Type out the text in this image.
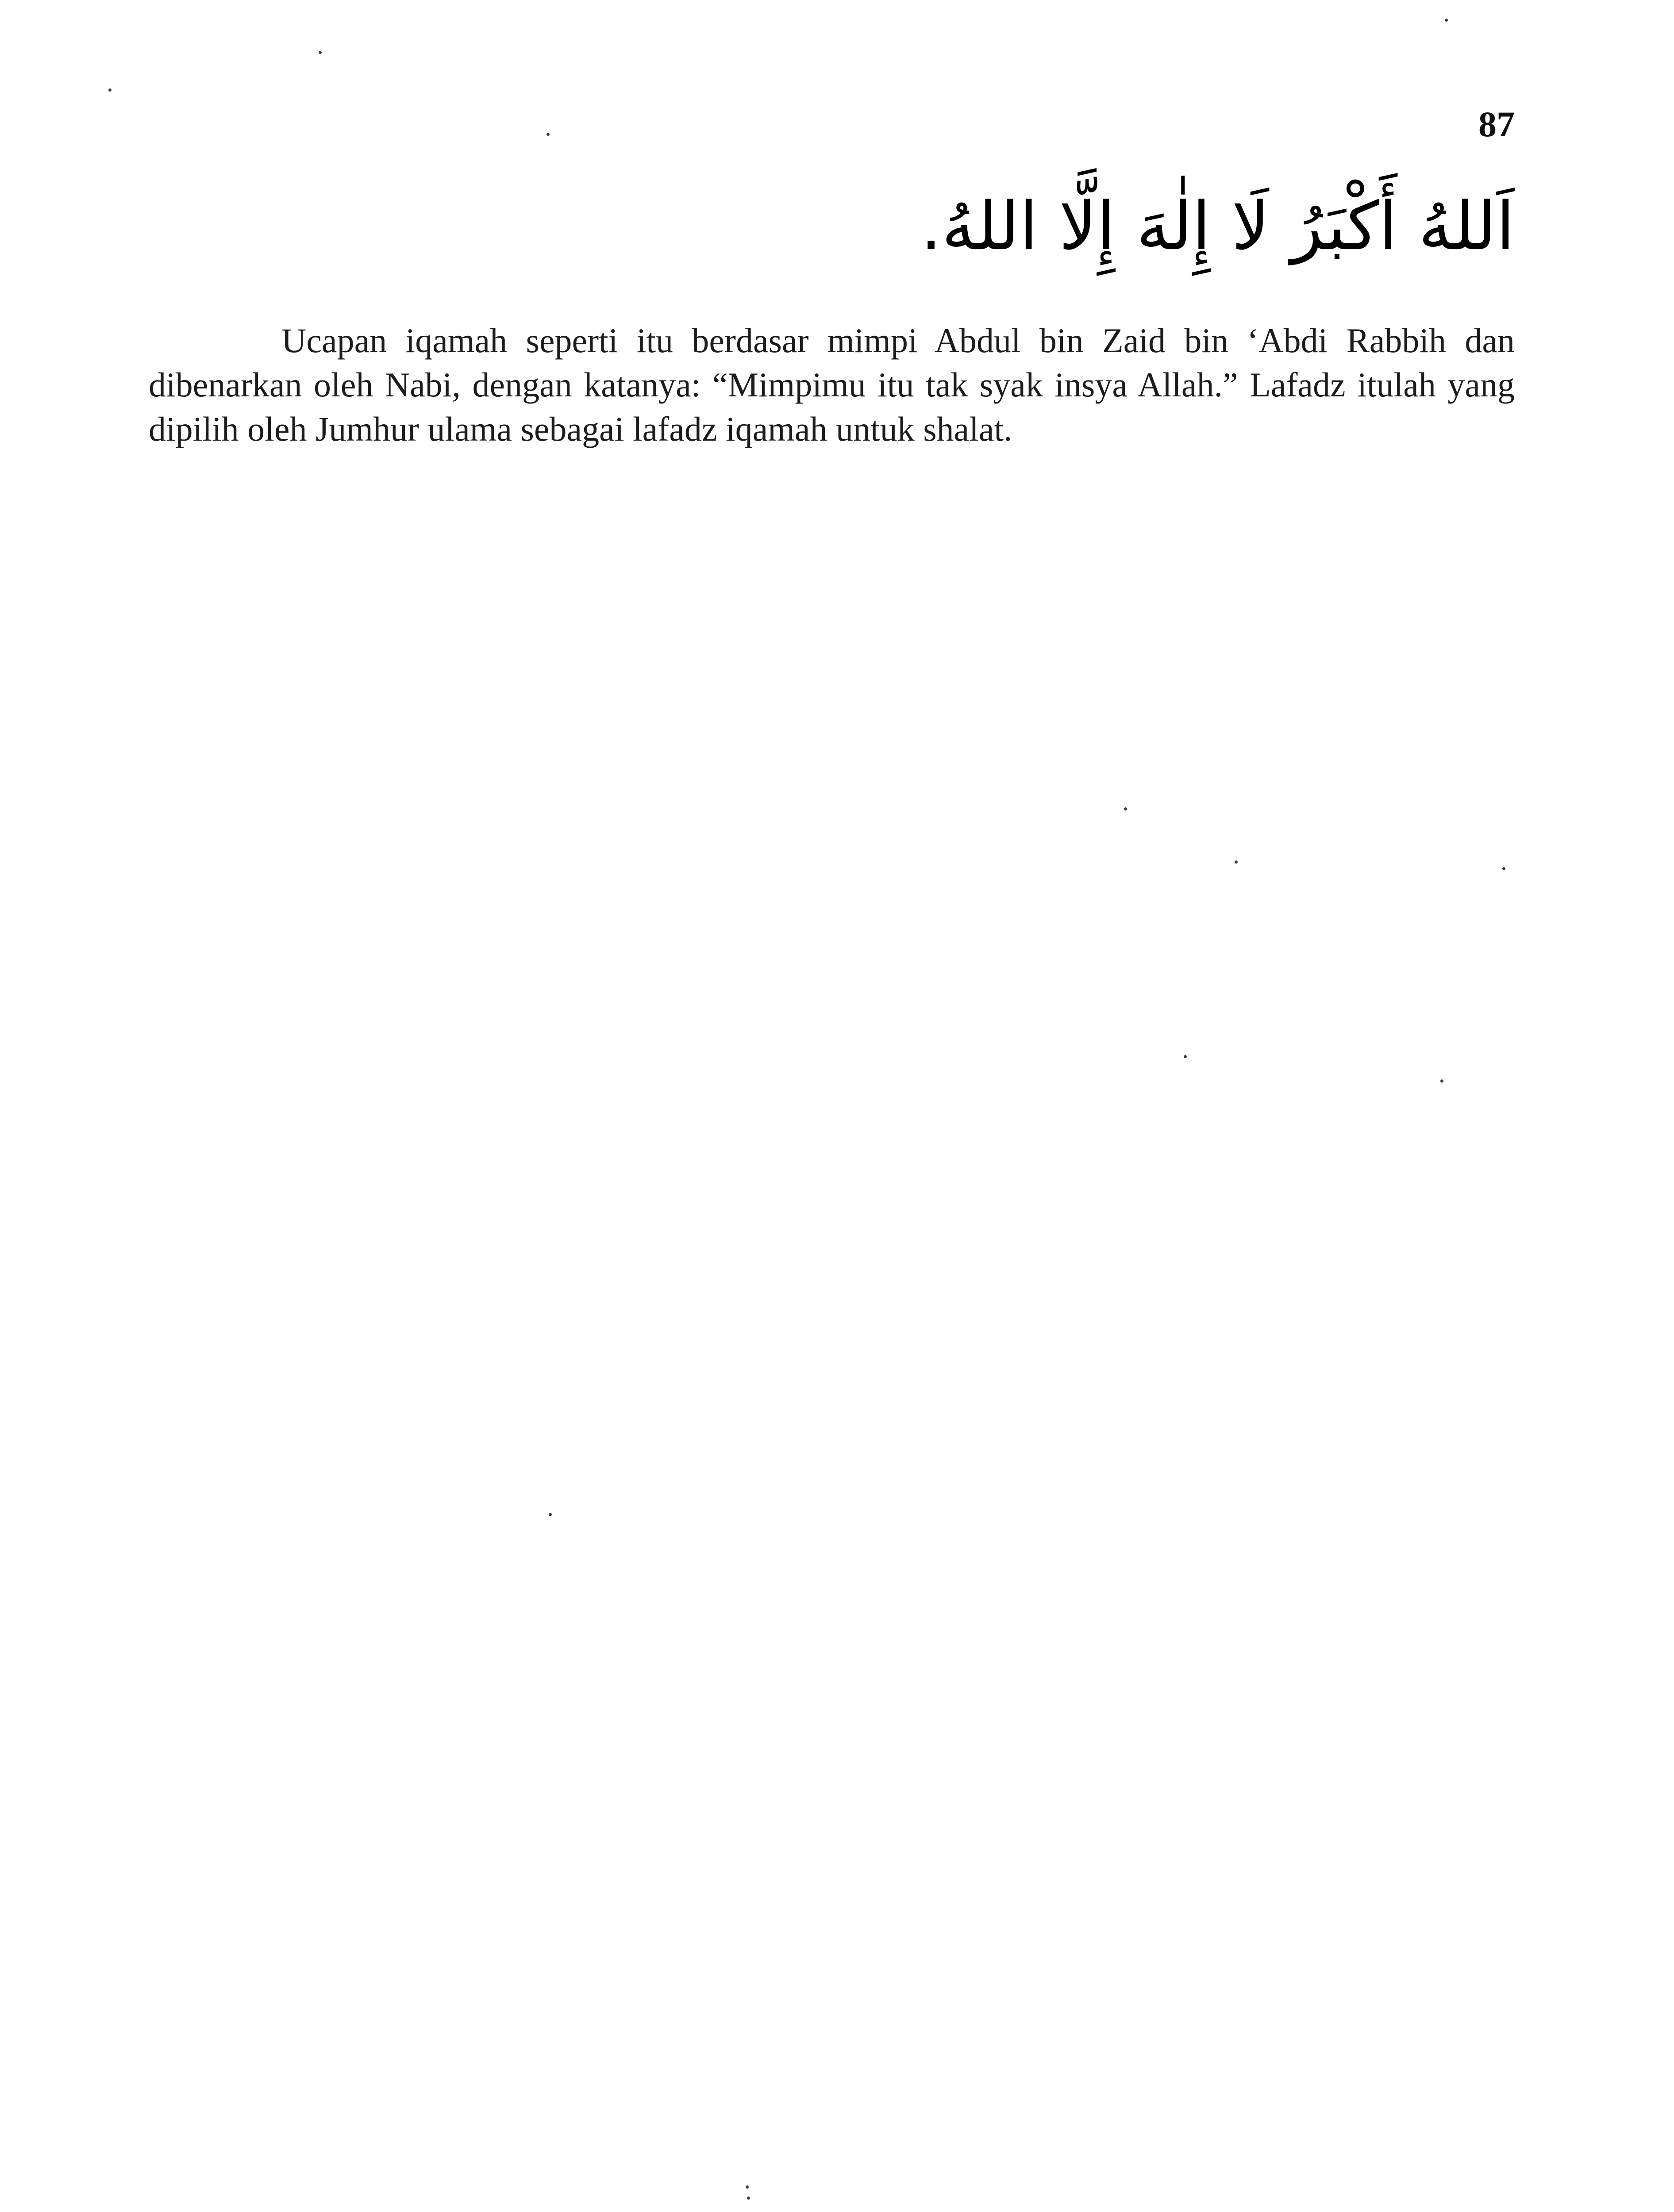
87
اَللهُ أَكْبَرُ لَا إِلٰهَ إِلَّا اللهُ.

Ucapan iqamah seperti itu berdasar mimpi Abdul bin Zaid bin ‘Abdi Rabbih dan dibenarkan oleh Nabi, dengan katanya: “Mimpimu itu tak syak insya Allah.” Lafadz itulah yang dipilih oleh Jumhur ulama sebagai lafadz iqamah untuk shalat.
